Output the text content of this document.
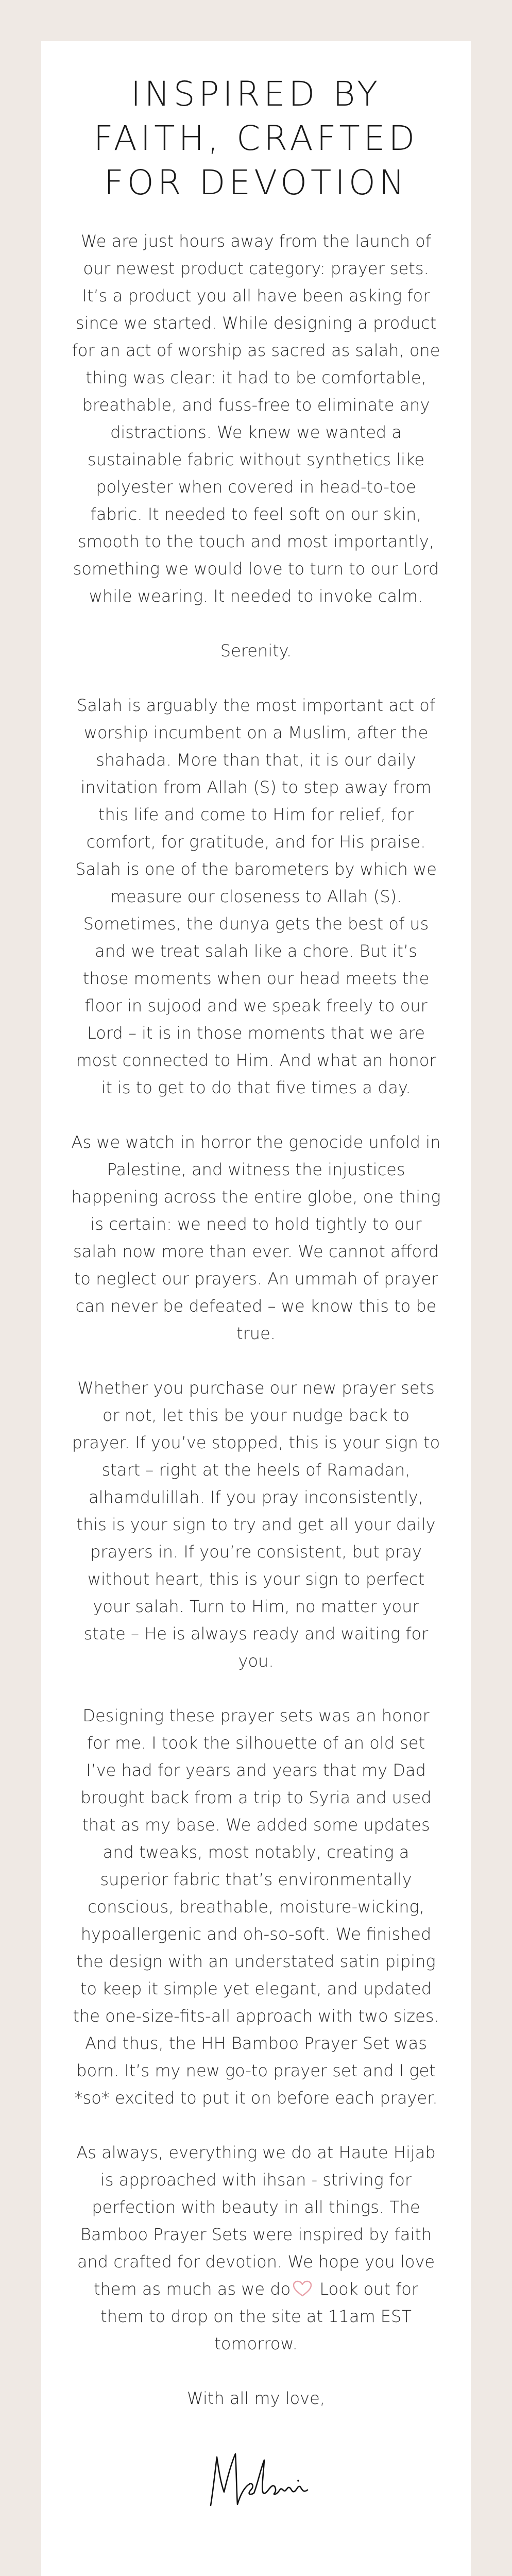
INSPIRED BY FAITH, CRAFTED FOR DEVOTION

We are just hours away from the launch of our newest product category: prayer sets. It’s a product you all have been asking for since we started. While designing a product for an act of worship as sacred as salah, one thing was clear: it had to be comfortable, breathable, and fuss-free to eliminate any distractions. We knew we wanted a sustainable fabric without synthetics like polyester when covered in head-to-toe fabric. It needed to feel soft on our skin, smooth to the touch and most importantly, something we would love to turn to our Lord while wearing. It needed to invoke calm.

Serenity.

Salah is arguably the most important act of worship incumbent on a Muslim, after the shahada. More than that, it is our daily invitation from Allah (S) to step away from this life and come to Him for relief, for comfort, for gratitude, and for His praise. Salah is one of the barometers by which we measure our closeness to Allah (S). Sometimes, the dunya gets the best of us and we treat salah like a chore. But it’s those moments when our head meets the floor in sujood and we speak freely to our Lord – it is in those moments that we are most connected to Him. And what an honor it is to get to do that five times a day.

As we watch in horror the genocide unfold in Palestine, and witness the injustices happening across the entire globe, one thing is certain: we need to hold tightly to our salah now more than ever. We cannot afford to neglect our prayers. An ummah of prayer can never be defeated – we know this to be true.

Whether you purchase our new prayer sets or not, let this be your nudge back to prayer. If you’ve stopped, this is your sign to start – right at the heels of Ramadan, alhamdulillah. If you pray inconsistently, this is your sign to try and get all your daily prayers in. If you’re consistent, but pray without heart, this is your sign to perfect your salah. Turn to Him, no matter your state – He is always ready and waiting for you.

Designing these prayer sets was an honor for me. I took the silhouette of an old set I’ve had for years and years that my Dad brought back from a trip to Syria and used that as my base. We added some updates and tweaks, most notably, creating a superior fabric that’s environmentally conscious, breathable, moisture-wicking, hypoallergenic and oh-so-soft. We finished the design with an understated satin piping to keep it simple yet elegant, and updated the one-size-fits-all approach with two sizes. And thus, the HH Bamboo Prayer Set was born. It’s my new go-to prayer set and I get *so* excited to put it on before each prayer.

As always, everything we do at Haute Hijab is approached with ihsan - striving for perfection with beauty in all things. The Bamboo Prayer Sets were inspired by faith and crafted for devotion. We hope you love them as much as we do Look out for them to drop on the site at 11am EST tomorrow.

With all my love,
